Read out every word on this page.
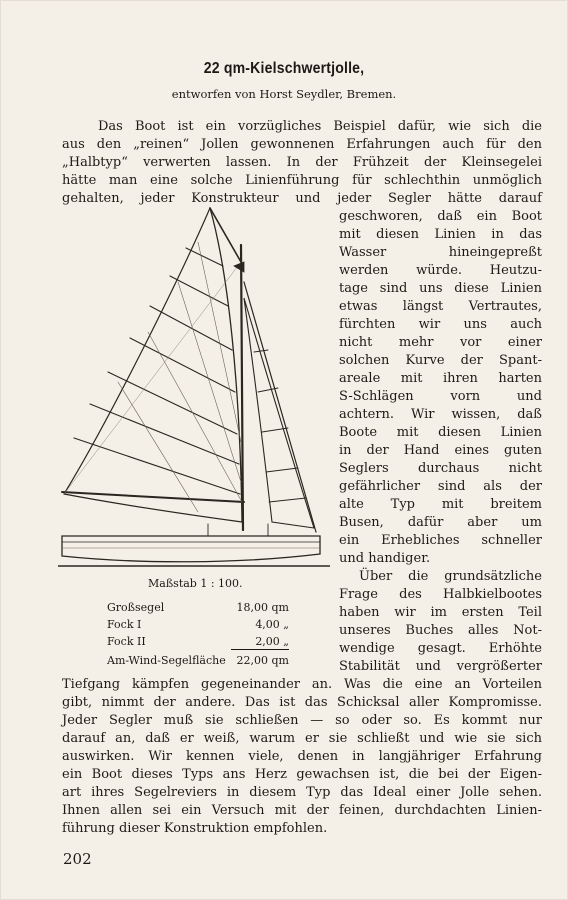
22 qm-Kielschwertjolle,
entworfen von Horst Seydler, Bremen.
Das Boot ist ein vorzügliches Beispiel dafür, wie sich die
aus den „reinen“ Jollen gewonnenen Erfahrungen auch für den
„Halbtyp“ verwerten lassen. In der Frühzeit der Kleinsegelei
hätte man eine solche Linienführung für schlechthin unmöglich
gehalten, jeder Konstrukteur und jeder Segler hätte darauf
geschworen, daß ein Boot
mit diesen Linien in das
Wasser hineingepreßt
werden würde. Heutzu-
tage sind uns diese Linien
etwas längst Vertrautes,
fürchten wir uns auch
nicht mehr vor einer
solchen Kurve der Spant-
areale mit ihren harten
S-Schlägen vorn und
achtern. Wir wissen, daß
Boote mit diesen Linien
in der Hand eines guten
Seglers durchaus nicht
gefährlicher sind als der
alte Typ mit breitem
Busen, dafür aber um
ein Erhebliches schneller
und handiger.
Über die grundsätzliche
Frage des Halbkielbootes
haben wir im ersten Teil
unseres Buches alles Not-
wendige gesagt. Erhöhte
Stabilität und vergrößerter
Tiefgang kämpfen gegeneinander an. Was die eine an Vorteilen
gibt, nimmt der andere. Das ist das Schicksal aller Kompromisse.
Jeder Segler muß sie schließen — so oder so. Es kommt nur
darauf an, daß er weiß, warum er sie schließt und wie sie sich
auswirken. Wir kennen viele, denen in langjähriger Erfahrung
ein Boot dieses Typs ans Herz gewachsen ist, die bei der Eigen-
art ihres Segelreviers in diesem Typ das Ideal einer Jolle sehen.
Ihnen allen sei ein Versuch mit der feinen, durchdachten Linien-
führung dieser Konstruktion empfohlen.
Maßstab 1 : 100.
Großsegel	18,00 qm
Fock I	4,00 „
Fock II	2,00 „
Am-Wind-Segelfläche 22,00 qm
202
